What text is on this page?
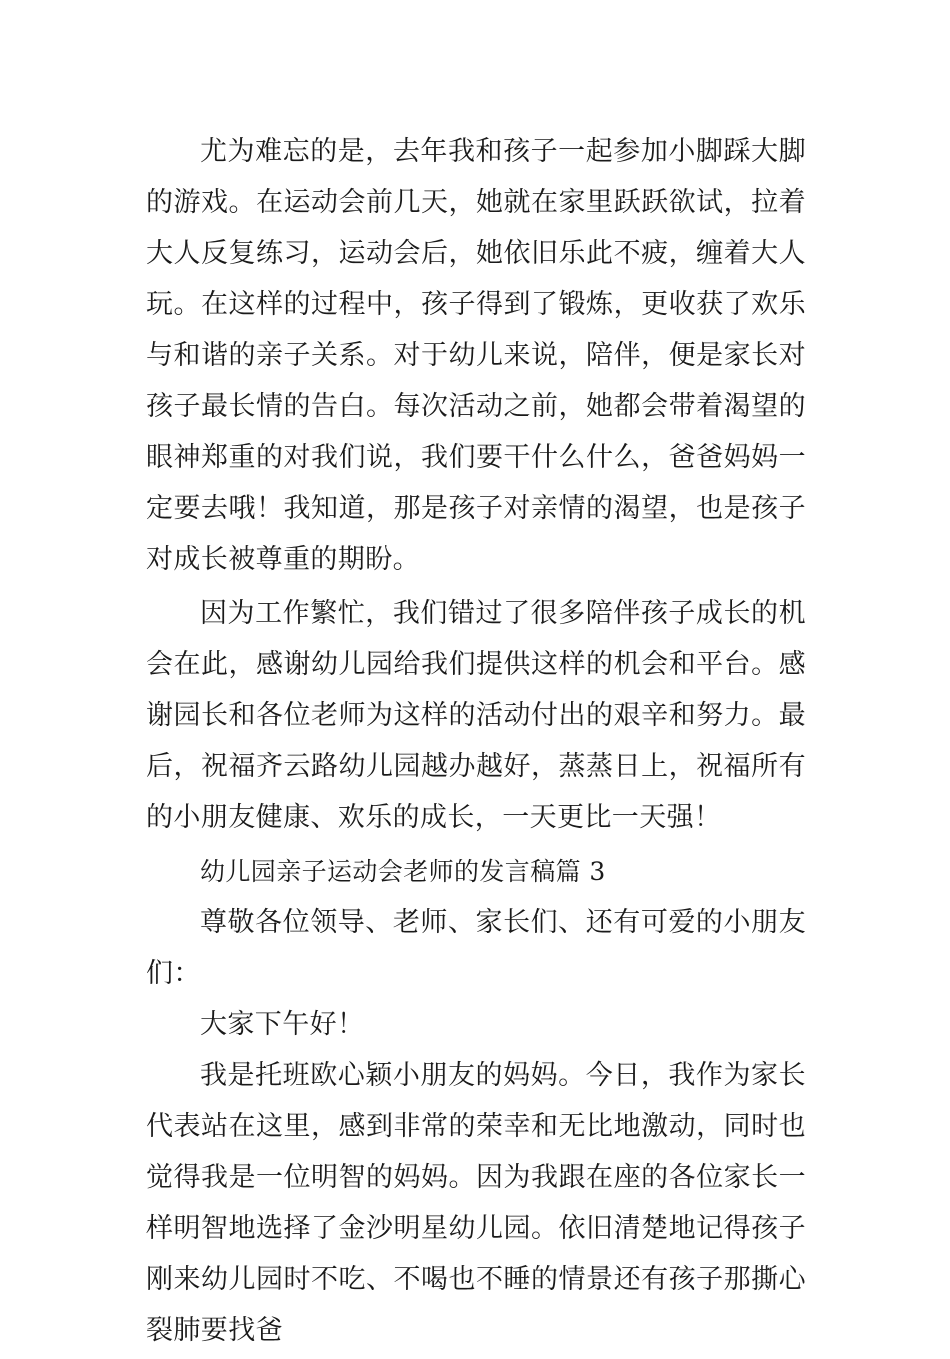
尤为难忘的是，去年我和孩子一起参加小脚踩大脚的游戏。在运动会前几天，她就在家里跃跃欲试，拉着大人反复练习，运动会后，她依旧乐此不疲，缠着大人玩。在这样的过程中，孩子得到了锻炼，更收获了欢乐与和谐的亲子关系。对于幼儿来说，陪伴，便是家长对孩子最长情的告白。每次活动之前，她都会带着渴望的眼神郑重的对我们说，我们要干什么什么，爸爸妈妈一定要去哦！我知道，那是孩子对亲情的渴望，也是孩子对成长被尊重的期盼。

因为工作繁忙，我们错过了很多陪伴孩子成长的机会在此，感谢幼儿园给我们提供这样的机会和平台。感谢园长和各位老师为这样的活动付出的艰辛和努力。最后，祝福齐云路幼儿园越办越好，蒸蒸日上，祝福所有的小朋友健康、欢乐的成长，一天更比一天强！

幼儿园亲子运动会老师的发言稿篇 3

尊敬各位领导、老师、家长们、还有可爱的小朋友们：

大家下午好！

我是托班欧心颖小朋友的妈妈。今日，我作为家长代表站在这里，感到非常的荣幸和无比地激动，同时也觉得我是一位明智的妈妈。因为我跟在座的各位家长一样明智地选择了金沙明星幼儿园。依旧清楚地记得孩子刚来幼儿园时不吃、不喝也不睡的情景还有孩子那撕心裂肺要找爸
